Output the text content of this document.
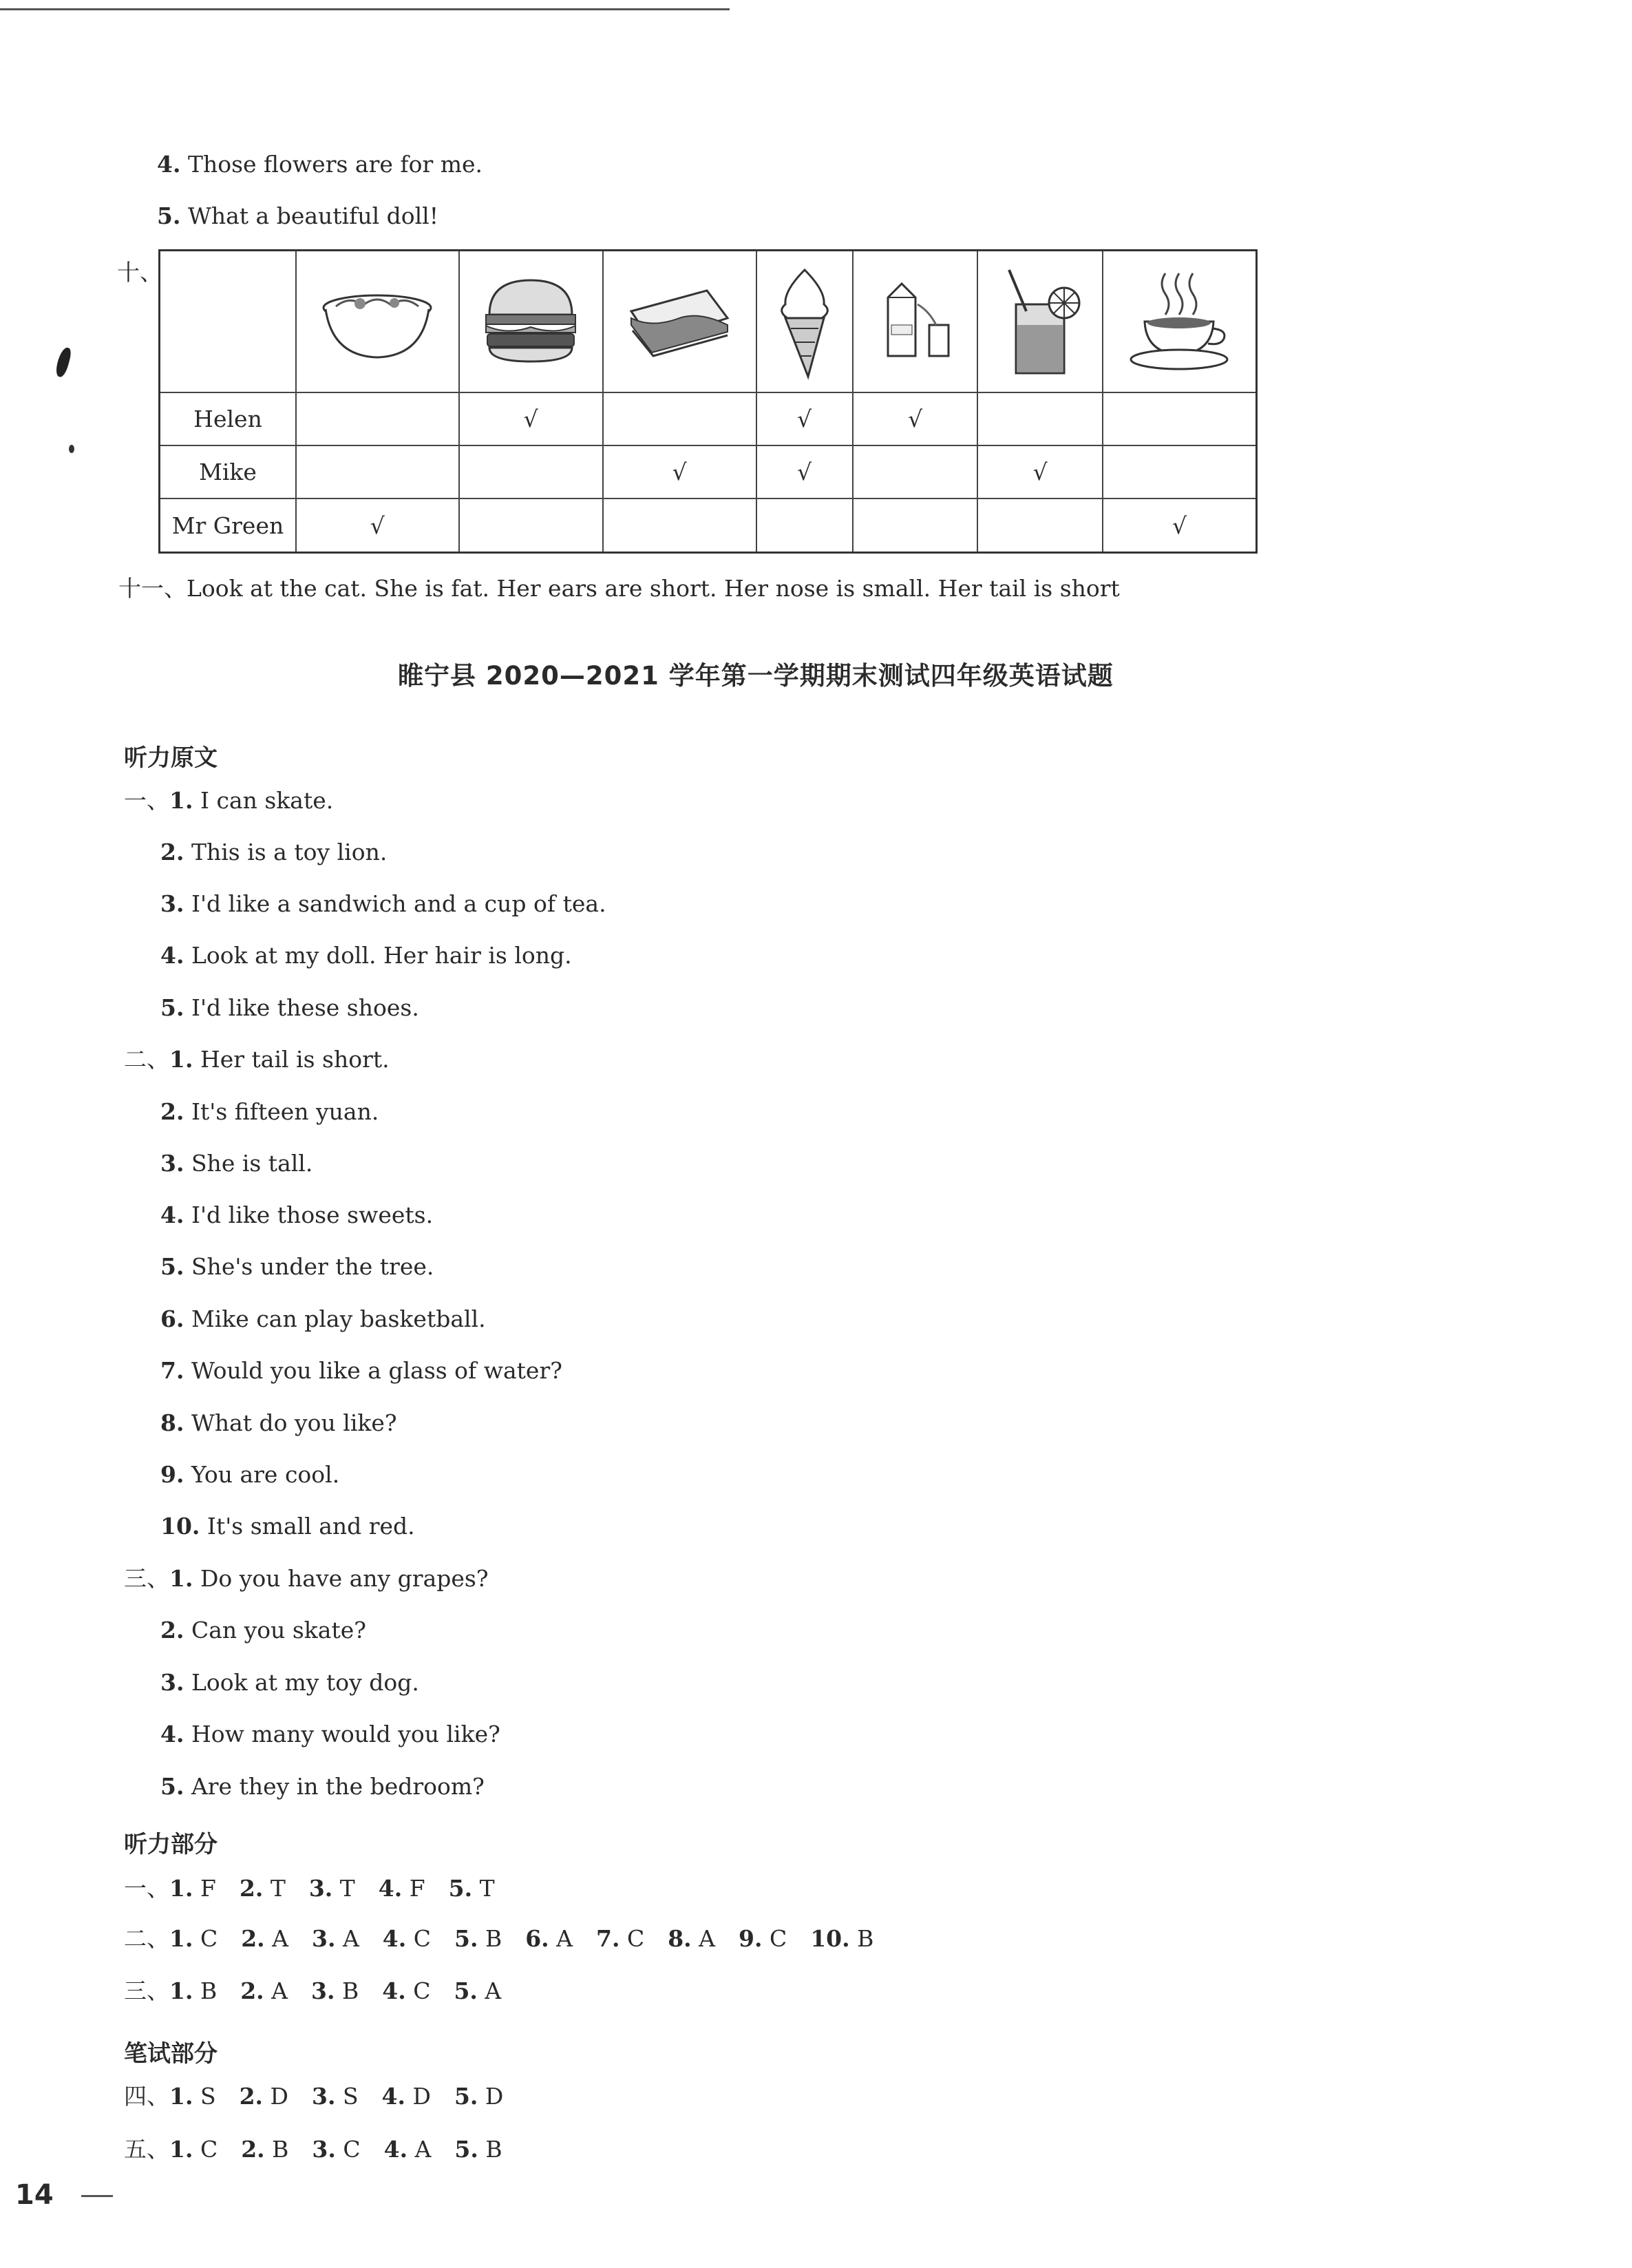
4. Those flowers are for me.
5. What a beautiful doll!
十、

Helen		√		√	√		
Mike			√	√		√	
Mr Green	√						√
十一、Look at the cat. She is fat. Her ears are short. Her nose is small. Her tail is short
睢宁县 2020—2021 学年第一学期期末测试四年级英语试题
听力原文
一、1. I can skate.
2. This is a toy lion.
3. I'd like a sandwich and a cup of tea.
4. Look at my doll. Her hair is long.
5. I'd like these shoes.
二、1. Her tail is short.
2. It's fifteen yuan.
3. She is tall.
4. I'd like those sweets.
5. She's under the tree.
6. Mike can play basketball.
7. Would you like a glass of water?
8. What do you like?
9. You are cool.
10. It's small and red.
三、1. Do you have any grapes?
2. Can you skate?
3. Look at my toy dog.
4. How many would you like?
5. Are they in the bedroom?
听力部分
一、1. F 2. T 3. T 4. F 5. T
二、1. C 2. A 3. A 4. C 5. B 6. A 7. C 8. A 9. C 10. B
三、1. B 2. A 3. B 4. C 5. A
笔试部分
四、1. S 2. D 3. S 4. D 5. D
五、1. C 2. B 3. C 4. A 5. B
14
